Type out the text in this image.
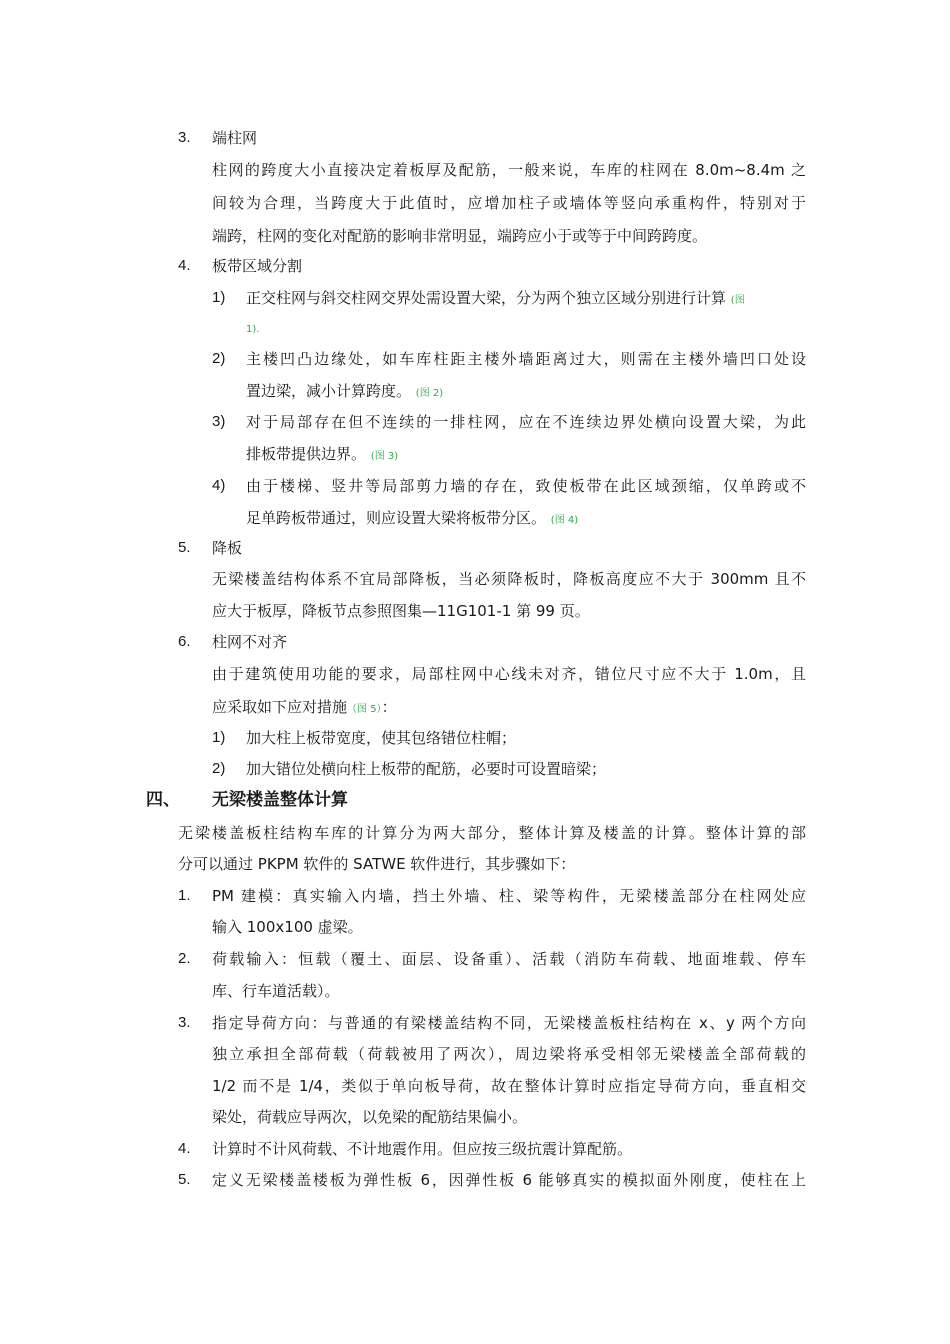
3. 端柱网
柱网的跨度大小直接决定着板厚及配筋，一般来说，车库的柱网在 8.0m~8.4m 之
间较为合理，当跨度大于此值时，应增加柱子或墙体等竖向承重构件，特别对于
端跨，柱网的变化对配筋的影响非常明显，端跨应小于或等于中间跨跨度。
4. 板带区域分割
1) 正交柱网与斜交柱网交界处需设置大梁，分为两个独立区域分别进行计算 (图
1).
2) 主楼凹凸边缘处，如车库柱距主楼外墙距离过大，则需在主楼外墙凹口处设
置边梁，减小计算跨度。 (图 2)
3) 对于局部存在但不连续的一排柱网，应在不连续边界处横向设置大梁，为此
排板带提供边界。 (图 3)
4) 由于楼梯、竖井等局部剪力墙的存在，致使板带在此区域颈缩，仅单跨或不
足单跨板带通过，则应设置大梁将板带分区。 (图 4)
5. 降板
无梁楼盖结构体系不宜局部降板，当必须降板时，降板高度应不大于 300mm 且不
应大于板厚，降板节点参照图集—11G101-1 第 99 页。
6. 柱网不对齐
由于建筑使用功能的要求，局部柱网中心线未对齐，错位尺寸应不大于 1.0m，且
应采取如下应对措施（图 5）：
1) 加大柱上板带宽度，使其包络错位柱帽；
2) 加大错位处横向柱上板带的配筋，必要时可设置暗梁；
四、 无梁楼盖整体计算
无梁楼盖板柱结构车库的计算分为两大部分，整体计算及楼盖的计算。整体计算的部
分可以通过 PKPM 软件的 SATWE 软件进行，其步骤如下：
1. PM 建模：真实输入内墙，挡土外墙、柱、梁等构件，无梁楼盖部分在柱网处应
输入 100x100 虚梁。
2. 荷载输入：恒载（覆土、面层、设备重）、活载（消防车荷载、地面堆载、停车
库、行车道活载）。
3. 指定导荷方向：与普通的有梁楼盖结构不同，无梁楼盖板柱结构在 x、y 两个方向
独立承担全部荷载（荷载被用了两次），周边梁将承受相邻无梁楼盖全部荷载的
1/2 而不是 1/4，类似于单向板导荷，故在整体计算时应指定导荷方向，垂直相交
梁处，荷载应导两次，以免梁的配筋结果偏小。
4. 计算时不计风荷载、不计地震作用。但应按三级抗震计算配筋。
5. 定义无梁楼盖楼板为弹性板 6，因弹性板 6 能够真实的模拟面外刚度，使柱在上
